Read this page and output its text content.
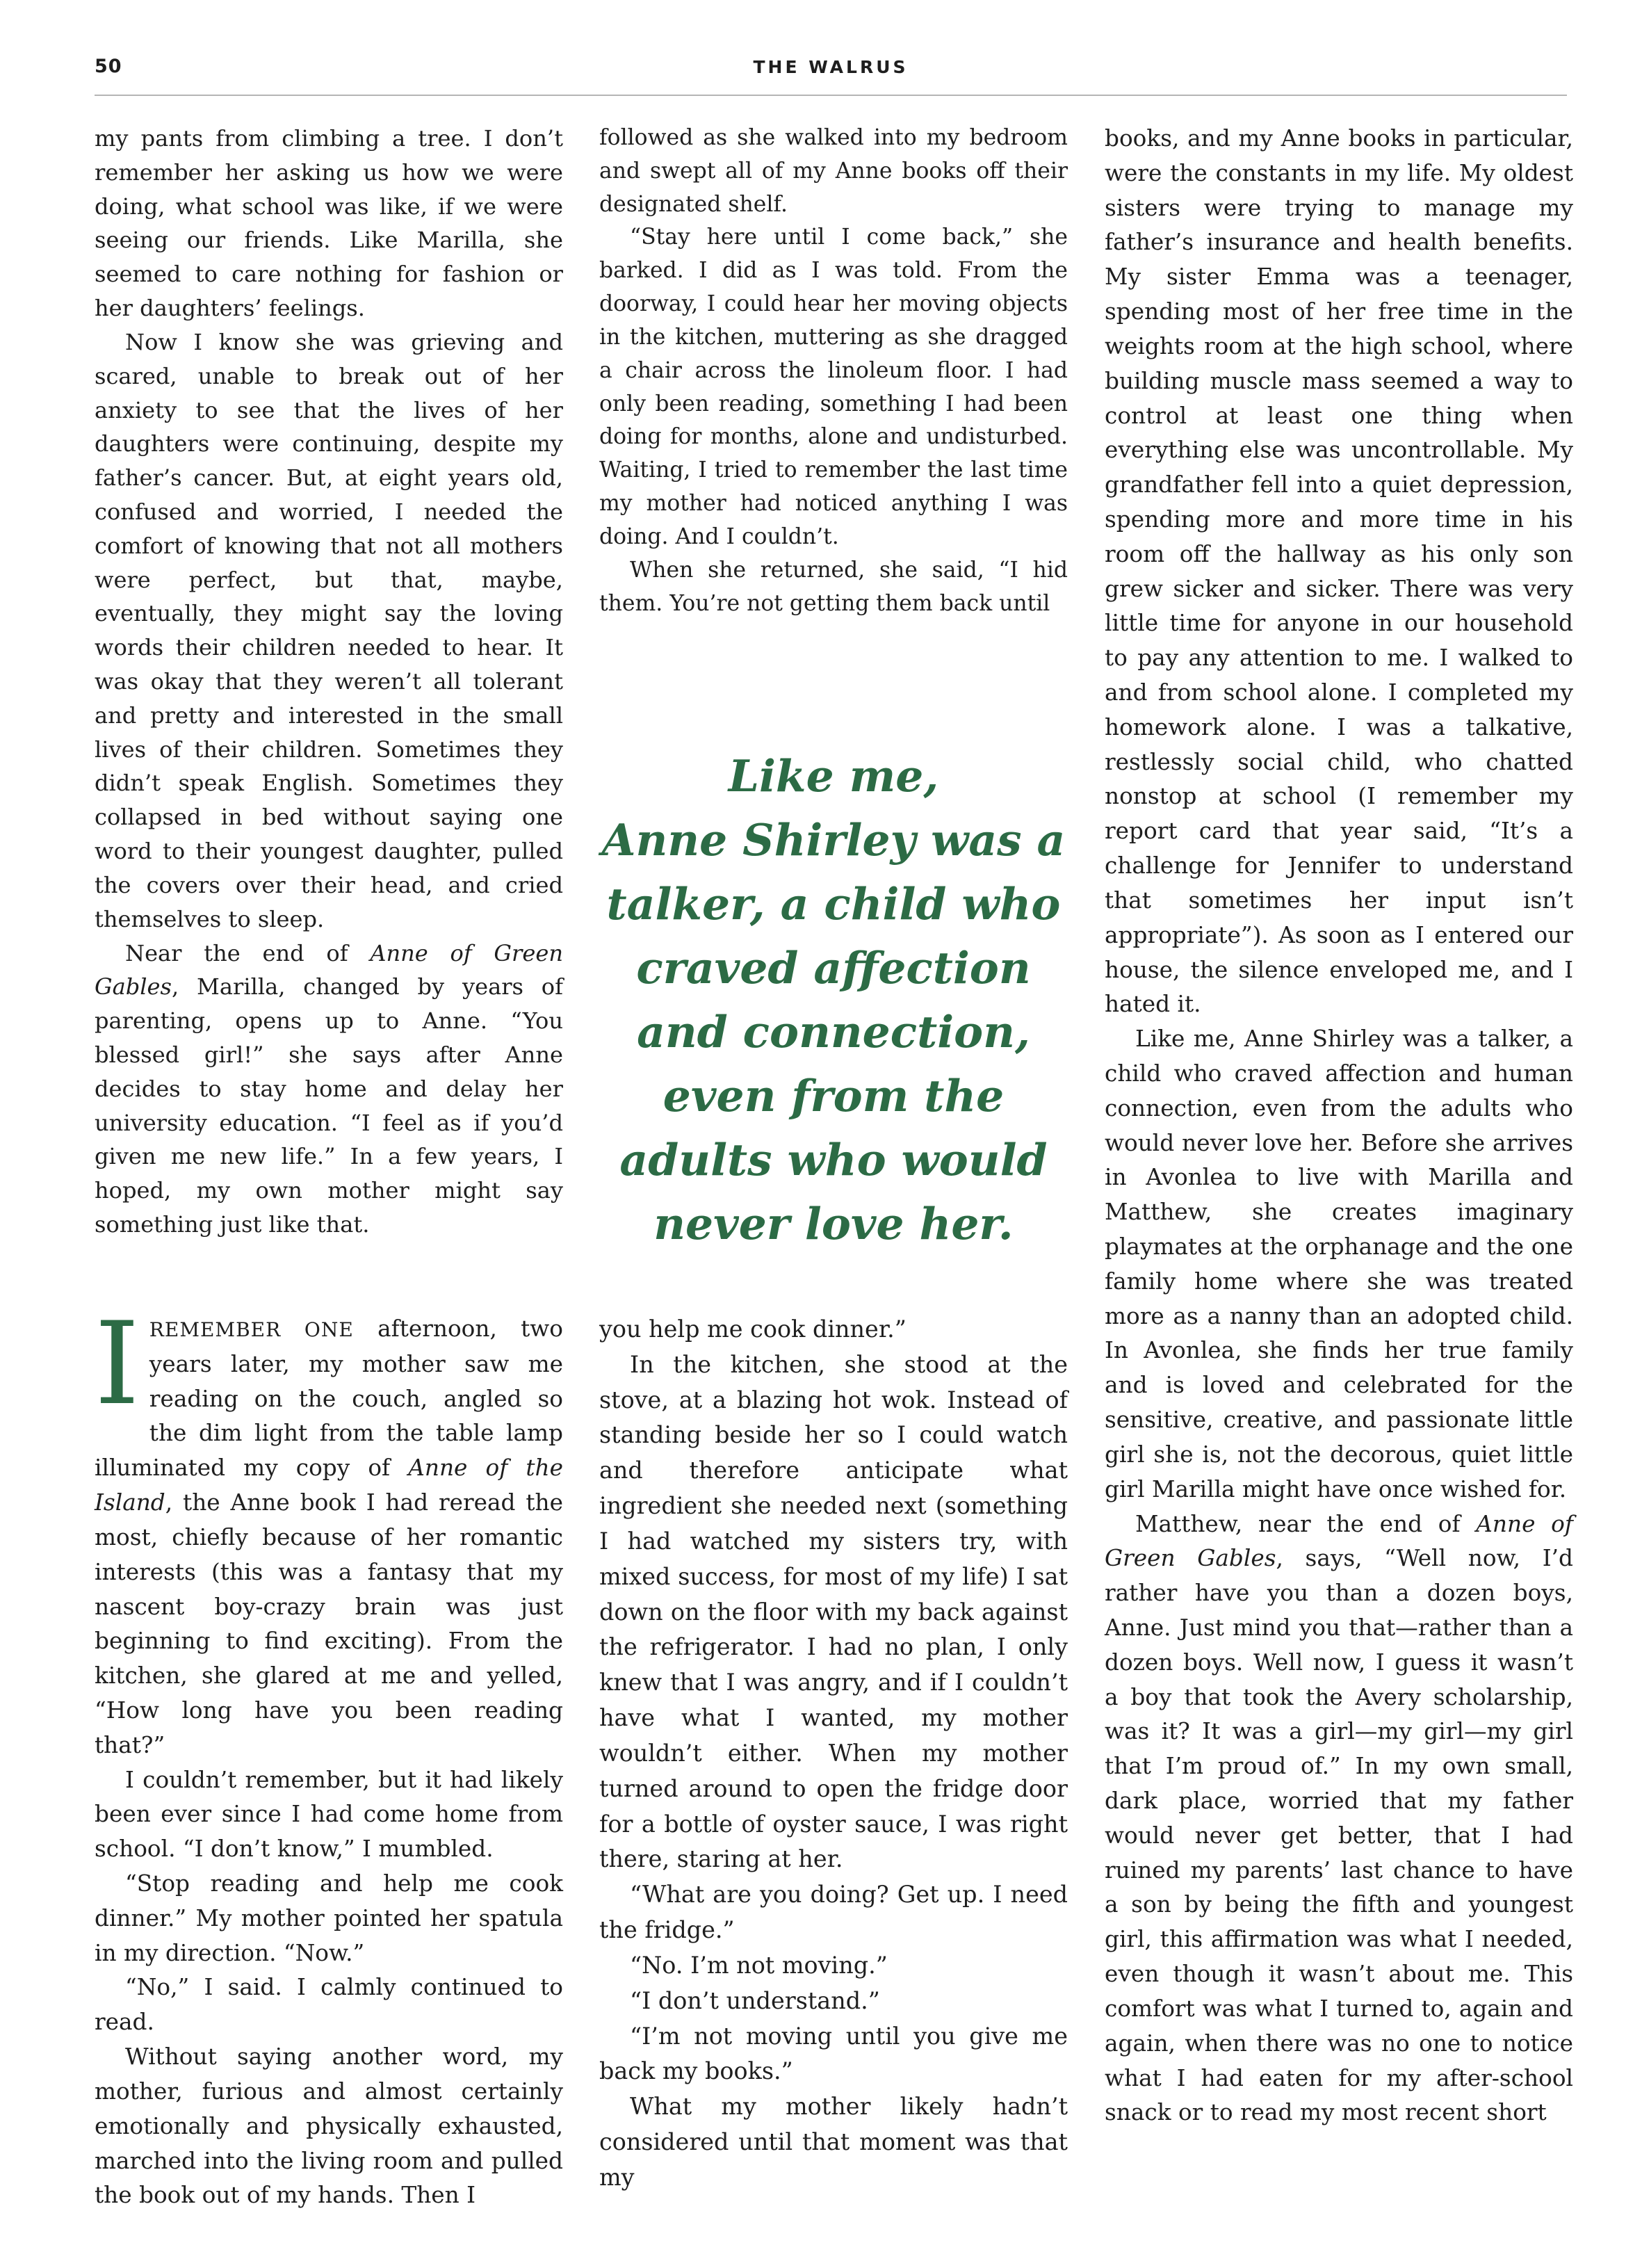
50	THE WALRUS

my pants from climbing a tree. I don’t remember her asking us how we were doing, what school was like, if we were seeing our friends. Like Marilla, she seemed to care nothing for fashion or her daughters’ feelings.

Now I know she was grieving and scared, unable to break out of her anxiety to see that the lives of her daughters were continuing, despite my father’s cancer. But, at eight years old, confused and worried, I needed the comfort of knowing that not all mothers were perfect, but that, maybe, eventually, they might say the loving words their children needed to hear. It was okay that they weren’t all tolerant and pretty and interested in the small lives of their children. Sometimes they didn’t speak English. Sometimes they collapsed in bed without saying one word to their youngest daughter, pulled the covers over their head, and cried themselves to sleep.

Near the end of Anne of Green Gables, Marilla, changed by years of parenting, opens up to Anne. “You blessed girl!” she says after Anne decides to stay home and delay her university education. “I feel as if you’d given me new life.” In a few years, I hoped, my own mother might say something just like that.

IREMEMBER ONE afternoon, two years later, my mother saw me reading on the couch, angled so the dim light from the table lamp illuminated my copy of Anne of the Island, the Anne book I had reread the most, chiefly because of her romantic interests (this was a fantasy that my nascent boy-crazy brain was just beginning to find exciting). From the kitchen, she glared at me and yelled, “How long have you been reading that?”

I couldn’t remember, but it had likely been ever since I had come home from school. “I don’t know,” I mumbled.

“Stop reading and help me cook dinner.” My mother pointed her spatula in my direction. “Now.”

“No,” I said. I calmly continued to read.

Without saying another word, my mother, furious and almost certainly emotionally and physically exhausted, marched into the living room and pulled the book out of my hands. Then I

followed as she walked into my bedroom and swept all of my Anne books off their designated shelf.

“Stay here until I come back,” she barked. I did as I was told. From the doorway, I could hear her moving objects in the kitchen, muttering as she dragged a chair across the linoleum floor. I had only been reading, something I had been doing for months, alone and undisturbed. Waiting, I tried to remember the last time my mother had noticed anything I was doing. And I couldn’t.

When she returned, she said, “I hid them. You’re not getting them back until

Like me,
Anne Shirley was a
talker, a child who
craved affection
and connection,
even from the
adults who would
never love her.

you help me cook dinner.”

In the kitchen, she stood at the stove, at a blazing hot wok. Instead of standing beside her so I could watch and therefore anticipate what ingredient she needed next (something I had watched my sisters try, with mixed success, for most of my life) I sat down on the floor with my back against the refrigerator. I had no plan, I only knew that I was angry, and if I couldn’t have what I wanted, my mother wouldn’t either. When my mother turned around to open the fridge door for a bottle of oyster sauce, I was right there, staring at her.

“What are you doing? Get up. I need the fridge.”

“No. I’m not moving.”

“I don’t understand.”

“I’m not moving until you give me back my books.”

What my mother likely hadn’t considered until that moment was that my

books, and my Anne books in particular, were the constants in my life. My oldest sisters were trying to manage my father’s insurance and health benefits. My sister Emma was a teenager, spending most of her free time in the weights room at the high school, where building muscle mass seemed a way to control at least one thing when everything else was uncontrollable. My grandfather fell into a quiet depression, spending more and more time in his room off the hallway as his only son grew sicker and sicker. There was very little time for anyone in our household to pay any attention to me. I walked to and from school alone. I completed my homework alone. I was a talkative, restlessly social child, who chatted nonstop at school (I remember my report card that year said, “It’s a challenge for Jennifer to understand that sometimes her input isn’t appropriate”). As soon as I entered our house, the silence enveloped me, and I hated it.

Like me, Anne Shirley was a talker, a child who craved affection and human connection, even from the adults who would never love her. Before she arrives in Avonlea to live with Marilla and Matthew, she creates imaginary playmates at the orphanage and the one family home where she was treated more as a nanny than an adopted child. In Avonlea, she finds her true family and is loved and celebrated for the sensitive, creative, and passionate little girl she is, not the decorous, quiet little girl Marilla might have once wished for.

Matthew, near the end of Anne of Green Gables, says, “Well now, I’d rather have you than a dozen boys, Anne. Just mind you that—rather than a dozen boys. Well now, I guess it wasn’t a boy that took the Avery scholarship, was it? It was a girl—my girl—my girl that I’m proud of.” In my own small, dark place, worried that my father would never get better, that I had ruined my parents’ last chance to have a son by being the fifth and youngest girl, this affirmation was what I needed, even though it wasn’t about me. This comfort was what I turned to, again and again, when there was no one to notice what I had eaten for my after-school snack or to read my most recent short
